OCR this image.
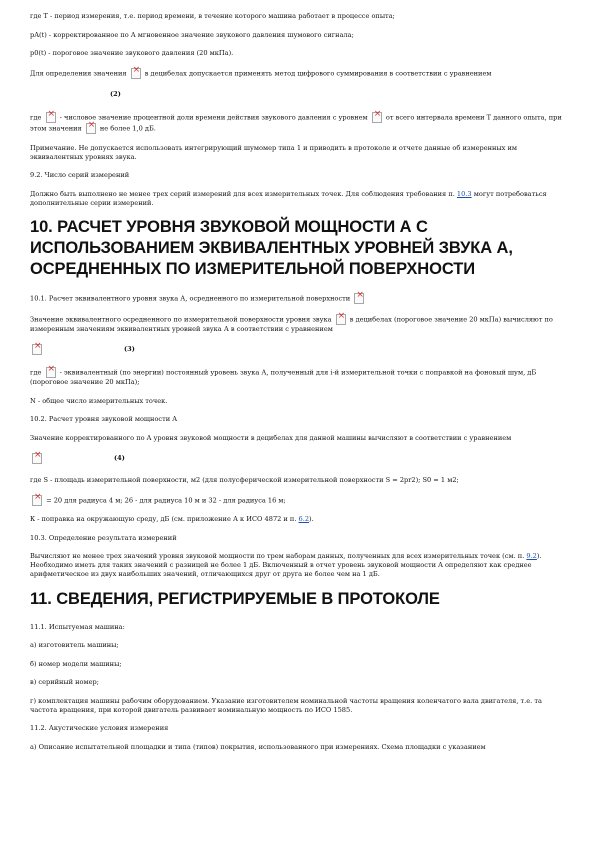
где T - период измерения, т.е. период времени, в течение которого машина работает в процессе опыта;

pA(t) - корректированное по A мгновенное значение звукового давления шумового сигнала;

p0(t) - пороговое значение звукового давления (20 мкПа).

Для определения значения ×	в децибелах допускается применять метод цифрового суммирования в соответствии с уравнением

(2)

где ×	- числовое значение процентной доли времени действия звукового давления с уровнем ×	от всего интервала времени T данного опыта, при этом значения ×	не более 1,0 дБ.

Примечание. Не допускается использовать интегрирующий шумомер типа 1 и приводить в протоколе и отчете данные об измеренных им эквивалентных уровнях звука.

9.2. Число серий измерений

Должно быть выполнено не менее трех серий измерений для всех измерительных точек. Для соблюдения требования п. 10.3 могут потребоваться дополнительные серии измерений.

10. РАСЧЕТ УРОВНЯ ЗВУКОВОЙ МОЩНОСТИ А С ИСПОЛЬЗОВАНИЕМ ЭКВИВАЛЕНТНЫХ УРОВНЕЙ ЗВУКА А, ОСРЕДНЕННЫХ ПО ИЗМЕРИТЕЛЬНОЙ ПОВЕРХНОСТИ

10.1. Расчет эквивалентного уровня звука А, осредненного по измерительной поверхности ×

Значение эквивалентного осредненного по измерительной поверхности уровня звука ×	в децибелах (пороговое значение 20 мкПа) вычисляют по измеренным значениям эквивалентных уровней звука А в соответствии с уравнением

×
(3)

где ×	- эквивалентный (по энергии) постоянный уровень звука А, полученный для i-й измерительной точки с поправкой на фоновый шум, дБ (пороговое значение 20 мкПа);

N - общее число измерительных точек.

10.2. Расчет уровня звуковой мощности A

Значение корректированного по A уровня звуковой мощности в децибелах для данной машины вычисляют в соответствии с уравнением

×
(4)

где S - площадь измерительной поверхности, м2 (для полусферической измерительной поверхности S = 2pr2); S0 = 1 м2;

× = 20 для радиуса 4 м; 26 - для радиуса 10 м и 32 - для радиуса 16 м;

К - поправка на окружающую среду, дБ (см. приложение А к ИСО 4872 и п. 6.2).

10.3. Определение результата измерений

Вычисляют не менее трех значений уровня звуковой мощности по трем наборам данных, полученных для всех измерительных точек (см. п. 9.2). Необходимо иметь для таких значений с разницей не более 1 дБ. Включенный в отчет уровень звуковой мощности A определяют как среднее арифметическое из двух наибольших значений, отличающихся друг от друга не более чем на 1 дБ.

11. СВЕДЕНИЯ, РЕГИСТРИРУЕМЫЕ В ПРОТОКОЛЕ

11.1. Испытуемая машина:

а) изготовитель машины;

б) номер модели машины;

в) серийный номер;

г) комплектация машины рабочим оборудованием. Указание изготовителем номинальной частоты вращения коленчатого вала двигателя, т.е. та частота вращения, при которой двигатель развивает номинальную мощность по ИСО 1585.

11.2. Акустические условия измерения

а) Описание испытательной площадки и типа (типов) покрытия, использованного при измерениях. Схема площадки с указанием
